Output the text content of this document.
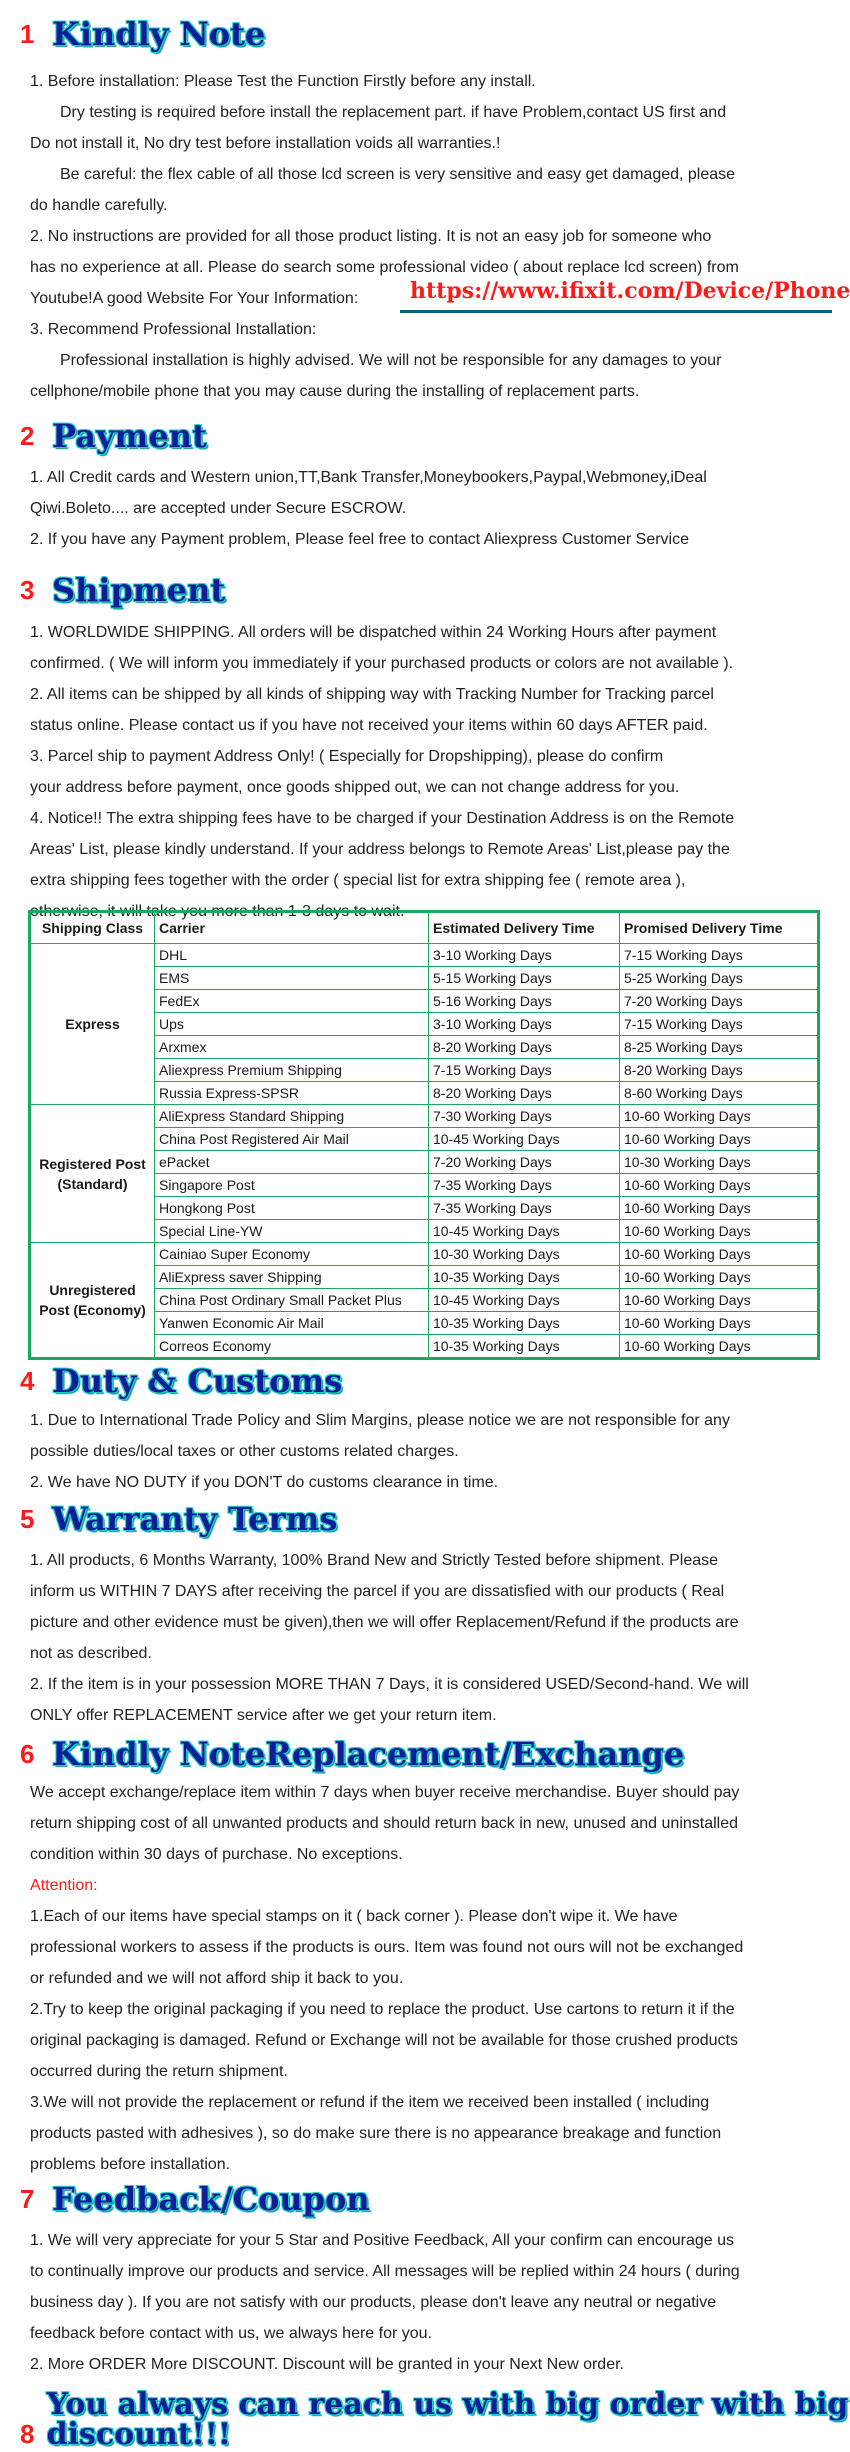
1 Kindly Note
1. Before installation: Please Test the Function Firstly before any install.
Dry testing is required before install the replacement part. if have Problem,contact US first and
Do not install it, No dry test before installation voids all warranties.!
Be careful: the flex cable of all those lcd screen is very sensitive and easy get damaged, please
do handle carefully.
2. No instructions are provided for all those product listing. It is not an easy job for someone who
has no experience at all. Please do search some professional video ( about replace lcd screen) from
Youtube!A good Website For Your Information:
3. Recommend Professional Installation:
Professional installation is highly advised. We will not be responsible for any damages to your
cellphone/mobile phone that you may cause during the installing of replacement parts.
https://www.ifixit.com/Device/Phone
2 Payment
1. All Credit cards and Western union,TT,Bank Transfer,Moneybookers,Paypal,Webmoney,iDeal
Qiwi.Boleto.... are accepted under Secure ESCROW.
2. If you have any Payment problem, Please feel free to contact Aliexpress Customer Service
3 Shipment
1. WORLDWIDE SHIPPING. All orders will be dispatched within 24 Working Hours after payment
confirmed. ( We will inform you immediately if your purchased products or colors are not available ).
2. All items can be shipped by all kinds of shipping way with Tracking Number for Tracking parcel
status online. Please contact us if you have not received your items within 60 days AFTER paid.
3. Parcel ship to payment Address Only! ( Especially for Dropshipping), please do confirm
your address before payment, once goods shipped out, we can not change address for you.
4. Notice!! The extra shipping fees have to be charged if your Destination Address is on the Remote
Areas' List, please kindly understand. If your address belongs to Remote Areas' List,please pay the
extra shipping fees together with the order ( special list for extra shipping fee ( remote area ),
otherwise, it will take you more than 1-3 days to wait.
Shipping Class	Carrier	Estimated Delivery Time	Promised Delivery Time
Express	DHL	3-10 Working Days	7-15 Working Days
	EMS	5-15 Working Days	5-25 Working Days
	FedEx	5-16 Working Days	7-20 Working Days
	Ups	3-10 Working Days	7-15 Working Days
	Arxmex	8-20 Working Days	8-25 Working Days
	Aliexpress Premium Shipping	7-15 Working Days	8-20 Working Days
	Russia Express-SPSR	8-20 Working Days	8-60 Working Days
Registered Post (Standard)	AliExpress Standard Shipping	7-30 Working Days	10-60 Working Days
	China Post Registered Air Mail	10-45 Working Days	10-60 Working Days
	ePacket	7-20 Working Days	10-30 Working Days
	Singapore Post	7-35 Working Days	10-60 Working Days
	Hongkong Post	7-35 Working Days	10-60 Working Days
	Special Line-YW	10-45 Working Days	10-60 Working Days
Unregistered Post (Economy)	Cainiao Super Economy	10-30 Working Days	10-60 Working Days
	AliExpress saver Shipping	10-35 Working Days	10-60 Working Days
	China Post Ordinary Small Packet Plus	10-45 Working Days	10-60 Working Days
	Yanwen Economic Air Mail	10-35 Working Days	10-60 Working Days
	Correos Economy	10-35 Working Days	10-60 Working Days
4 Duty & Customs
1. Due to International Trade Policy and Slim Margins, please notice we are not responsible for any
possible duties/local taxes or other customs related charges.
2. We have NO DUTY if you DON'T do customs clearance in time.
5 Warranty Terms
1. All products, 6 Months Warranty, 100% Brand New and Strictly Tested before shipment. Please
inform us WITHIN 7 DAYS after receiving the parcel if you are dissatisfied with our products ( Real
picture and other evidence must be given),then we will offer Replacement/Refund if the products are
not as described.
2. If the item is in your possession MORE THAN 7 Days, it is considered USED/Second-hand. We will
ONLY offer REPLACEMENT service after we get your return item.
6 Kindly NoteReplacement/Exchange
We accept exchange/replace item within 7 days when buyer receive merchandise. Buyer should pay
return shipping cost of all unwanted products and should return back in new, unused and uninstalled
condition within 30 days of purchase. No exceptions.
Attention:
1.Each of our items have special stamps on it ( back corner ). Please don't wipe it. We have
professional workers to assess if the products is ours. Item was found not ours will not be exchanged
or refunded and we will not afford ship it back to you.
2.Try to keep the original packaging if you need to replace the product. Use cartons to return it if the
original packaging is damaged. Refund or Exchange will not be available for those crushed products
occurred during the return shipment.
3.We will not provide the replacement or refund if the item we received been installed ( including
products pasted with adhesives ), so do make sure there is no appearance breakage and function
problems before installation.
7 Feedback/Coupon
1. We will very appreciate for your 5 Star and Positive Feedback, All your confirm can encourage us
to continually improve our products and service. All messages will be replied within 24 hours ( during
business day ). If you are not satisfy with our products, please don't leave any neutral or negative
feedback before contact with us, we always here for you.
2. More ORDER More DISCOUNT. Discount will be granted in your Next New order.
8
You always can reach us with big order with big discount!!!
